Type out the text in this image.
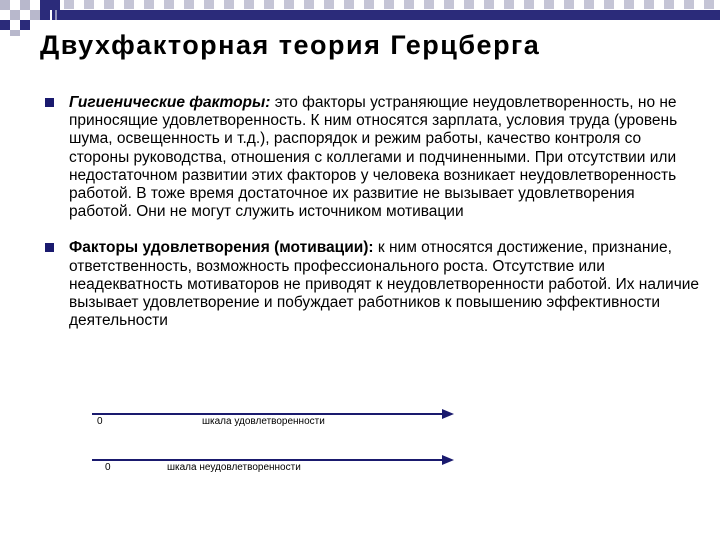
Двухфакторная теория Герцберга
Гигиенические факторы: это факторы устраняющие неудовлетворенность, но не приносящие удовлетворенность. К ним относятся зарплата, условия труда (уровень шума, освещенность и т.д.), распорядок и режим работы, качество контроля со стороны руководства, отношения с коллегами и подчиненными. При отсутствии или недостаточном развитии этих факторов у человека возникает неудовлетворенность работой. В тоже время достаточное их развитие не вызывает удовлетворения работой. Они не могут служить источником мотивации
Факторы удовлетворения (мотивации): к ним относятся достижение, признание, ответственность, возможность профессионального роста. Отсутствие или неадекватность мотиваторов не приводят к неудовлетворенности работой. Их наличие вызывает удовлетворение и побуждает работников к повышению эффективности деятельности
0	шкала удовлетворенности
0	шкала неудовлетворенности
